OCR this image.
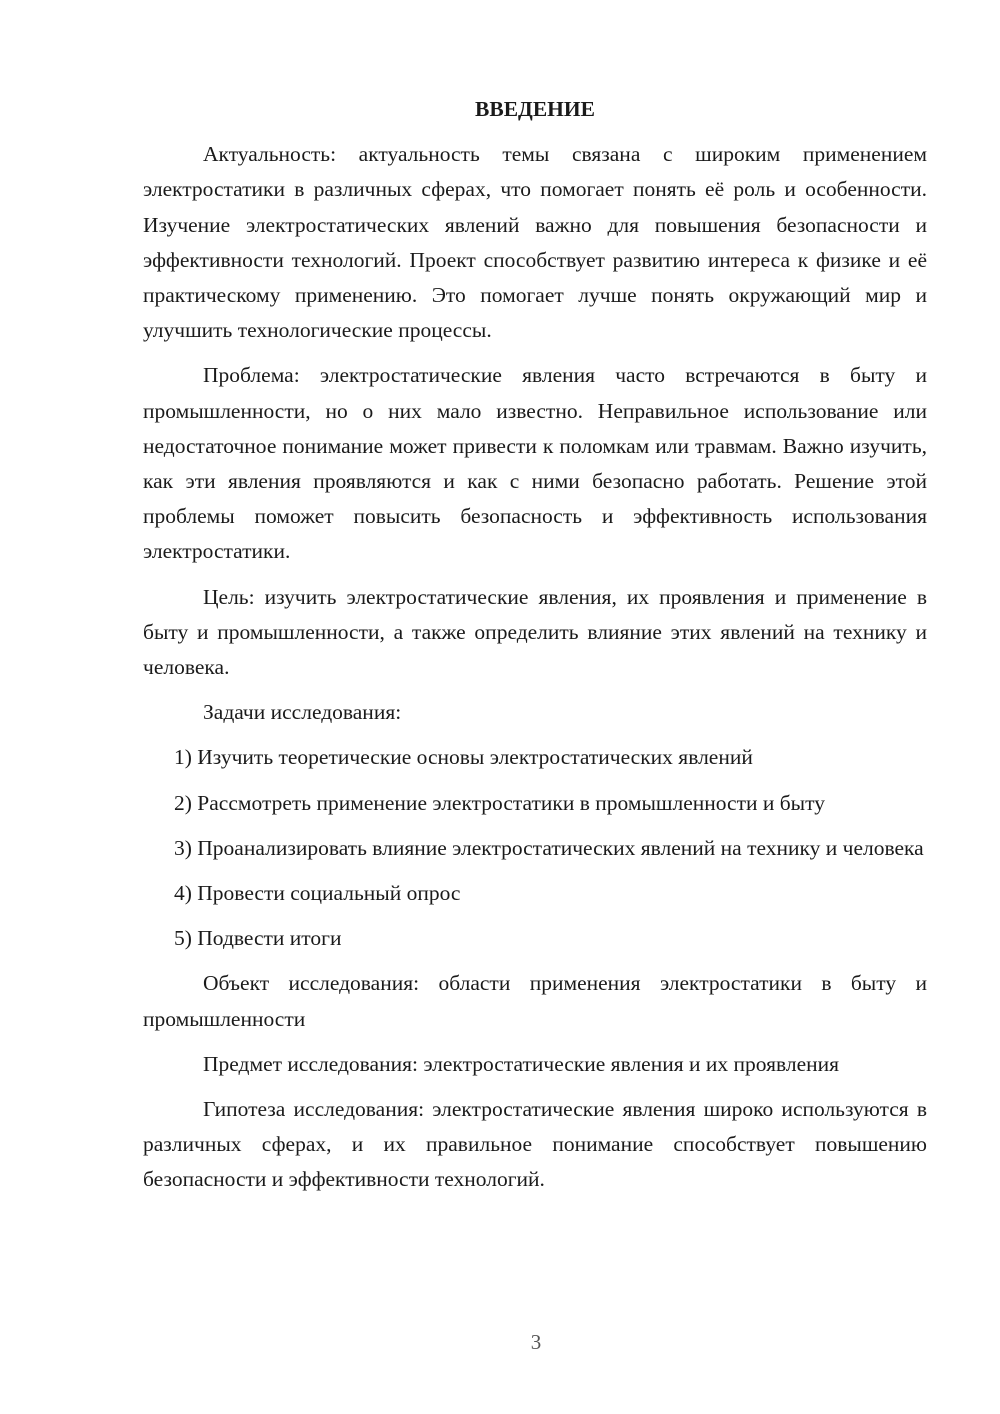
ВВЕДЕНИЕ

Актуальность: актуальность темы связана с широким применением электростатики в различных сферах, что помогает понять её роль и особенности. Изучение электростатических явлений важно для повышения безопасности и эффективности технологий. Проект способствует развитию интереса к физике и её практическому применению. Это помогает лучше понять окружающий мир и улучшить технологические процессы.

Проблема: электростатические явления часто встречаются в быту и промышленности, но о них мало известно. Неправильное использование или недостаточное понимание может привести к поломкам или травмам. Важно изучить, как эти явления проявляются и как с ними безопасно работать. Решение этой проблемы поможет повысить безопасность и эффективность использования электростатики.

Цель: изучить электростатические явления, их проявления и применение в быту и промышленности, а также определить влияние этих явлений на технику и человека.

Задачи исследования:

1) Изучить теоретические основы электростатических явлений

2) Рассмотреть применение электростатики в промышленности и быту

3) Проанализировать влияние электростатических явлений на технику и человека

4) Провести социальный опрос

5) Подвести итоги

Объект исследования: области применения электростатики в быту и промышленности

Предмет исследования: электростатические явления и их проявления

Гипотеза исследования: электростатические явления широко используются в различных сферах, и их правильное понимание способствует повышению безопасности и эффективности технологий.

3
